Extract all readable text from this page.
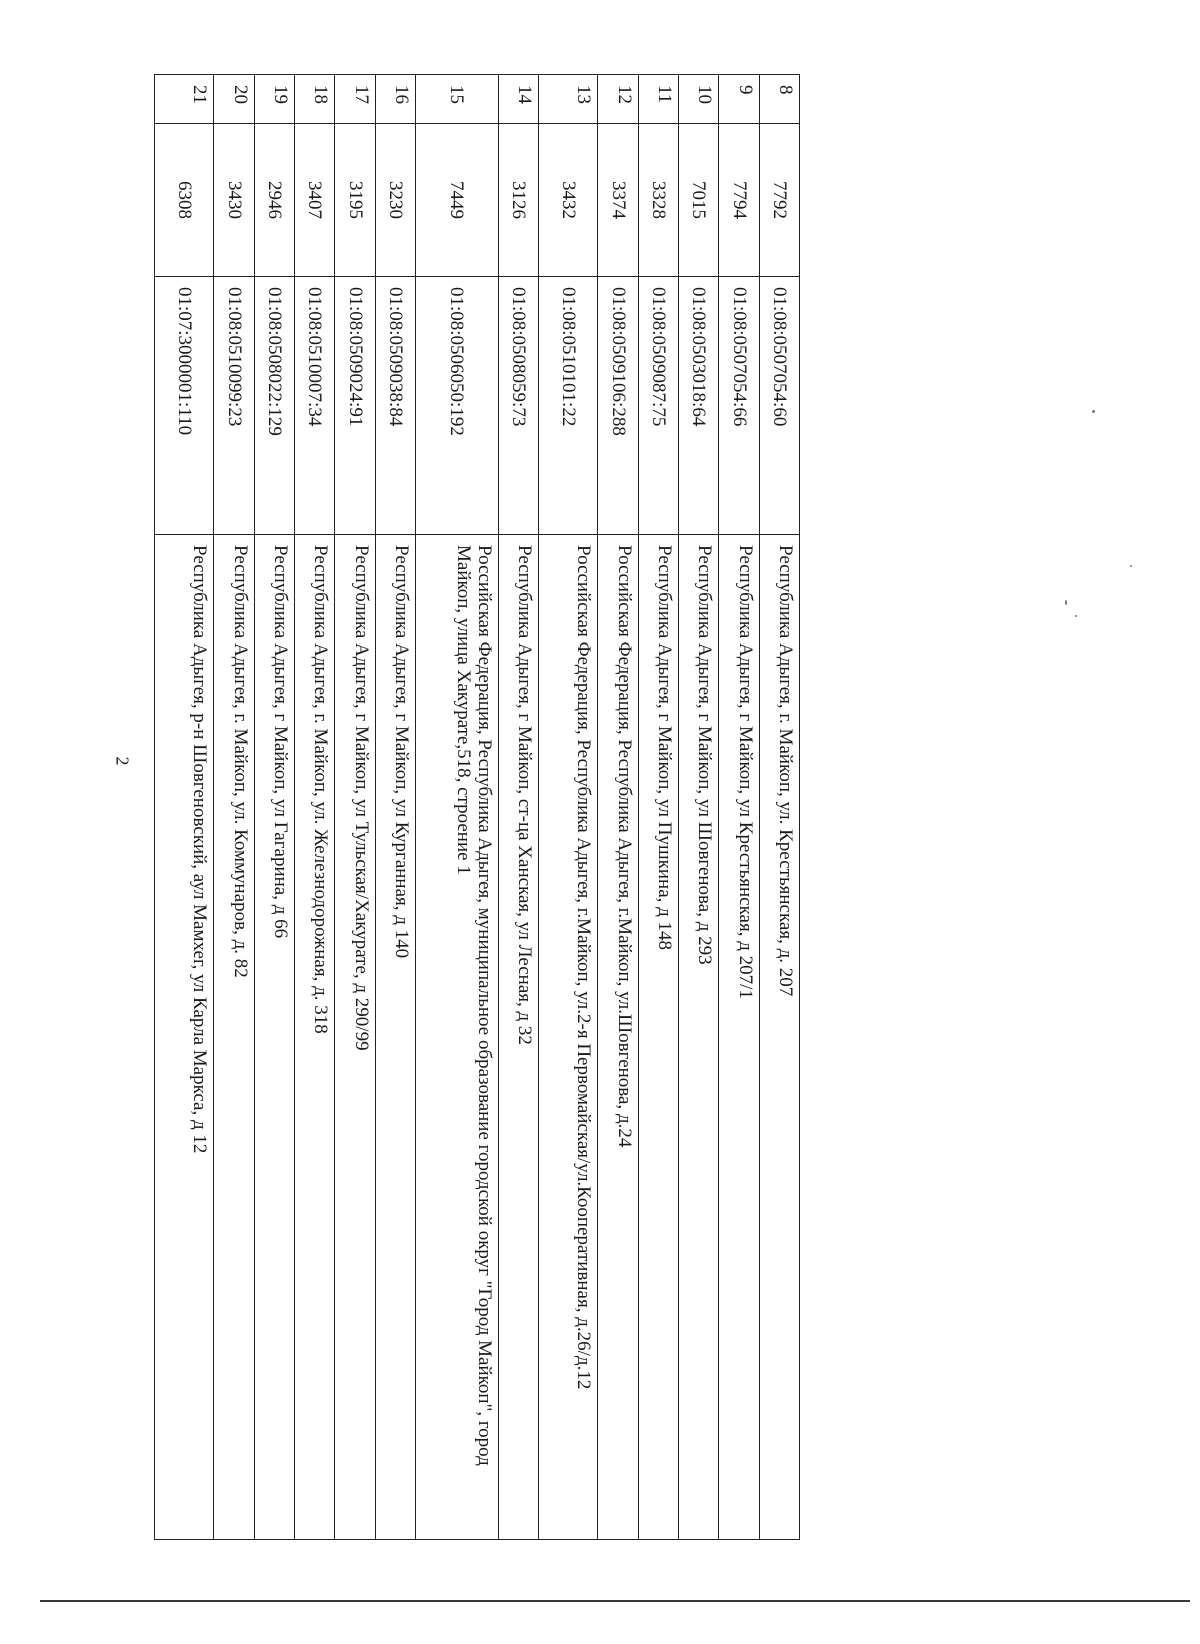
2
8	7792	01:08:0507054:60	Республика Адыгея, г. Майкоп, ул. Крестьянская, д. 207
9	7794	01:08:0507054:66	Республика Адыгея, г Майкоп, ул Крестьянская, д 207/1
10	7015	01:08:0503018:64	Республика Адыгея, г Майкоп, ул Шовгенова, д 293
11	3328	01:08:0509087:75	Республика Адыгея, г Майкоп, ул Пушкина, д 148
12	3374	01:08:0509106:288	Российская Федерация, Республика Адыгея, г.Майкоп, ул.Шовгенова, д.24
13	3432	01:08:0510101:22	Российская Федерация, Республика Адыгея, г.Майкоп, ул.2-я Первомайская/ул.Кооперативная, д.26/д.12
14	3126	01:08:0508059:73	Республика Адыгея, г Майкоп, ст-ца Ханская, ул Лесная, д 32
15	7449	01:08:0506050:192	Российская Федерация, Республика Адыгея, муниципальное образование городской округ "Город Майкоп", город Майкоп, улица Хакурате,518, строение 1
16	3230	01:08:0509038:84	Республика Адыгея, г Майкоп, ул Курганная, д 140
17	3195	01:08:0509024:91	Республика Адыгея, г Майкоп, ул Тульская/Хакурате, д 290/99
18	3407	01:08:0510007:34	Республика Адыгея, г. Майкоп, ул. Железнодорожная, д. 318
19	2946	01:08:0508022:129	Республика Адыгея, г Майкоп, ул Гагарина, д 66
20	3430	01:08:0510099:23	Республика Адыгея, г. Майкоп, ул. Коммунаров, д. 82
21	6308	01:07:3000001:110	Республика Адыгея, р-н Шовгеновский, аул Мамхег, ул Карла Маркса, д 12
